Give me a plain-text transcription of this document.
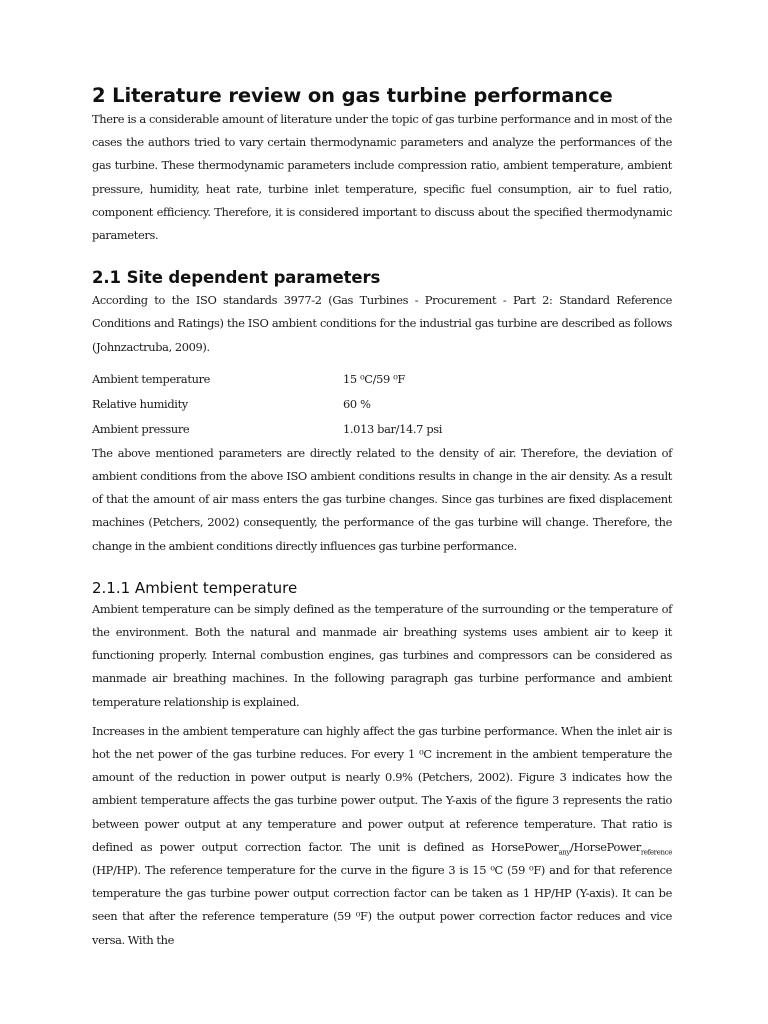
2 Literature review on gas turbine performance

There is a considerable amount of literature under the topic of gas turbine performance and in most of the cases the authors tried to vary certain thermodynamic parameters and analyze the performances of the gas turbine. These thermodynamic parameters include compression ratio, ambient temperature, ambient pressure, humidity, heat rate, turbine inlet temperature, specific fuel consumption, air to fuel ratio, component efficiency. Therefore, it is considered important to discuss about the specified thermodynamic parameters.

2.1 Site dependent parameters

According to the ISO standards 3977-2 (Gas Turbines - Procurement - Part 2: Standard Reference Conditions and Ratings) the ISO ambient conditions for the industrial gas turbine are described as follows (Johnzactruba, 2009).

Ambient temperature	15 ⁰C/59 ⁰F
Relative humidity	60 %
Ambient pressure	1.013 bar/14.7 psi

The above mentioned parameters are directly related to the density of air. Therefore, the deviation of ambient conditions from the above ISO ambient conditions results in change in the air density. As a result of that the amount of air mass enters the gas turbine changes. Since gas turbines are fixed displacement machines (Petchers, 2002) consequently, the performance of the gas turbine will change. Therefore, the change in the ambient conditions directly influences gas turbine performance.

2.1.1 Ambient temperature

Ambient temperature can be simply defined as the temperature of the surrounding or the temperature of the environment. Both the natural and manmade air breathing systems uses ambient air to keep it functioning properly. Internal combustion engines, gas turbines and compressors can be considered as manmade air breathing machines. In the following paragraph gas turbine performance and ambient temperature relationship is explained.

Increases in the ambient temperature can highly affect the gas turbine performance. When the inlet air is hot the net power of the gas turbine reduces. For every 1 ⁰C increment in the ambient temperature the amount of the reduction in power output is nearly 0.9% (Petchers, 2002). Figure 3 indicates how the ambient temperature affects the gas turbine power output. The Y-axis of the figure 3 represents the ratio between power output at any temperature and power output at reference temperature. That ratio is defined as power output correction factor. The unit is defined as HorsePower$_{any}$/HorsePower$_{reference}$ (HP/HP). The reference temperature for the curve in the figure 3 is 15 ⁰C (59 ⁰F) and for that reference temperature the gas turbine power output correction factor can be taken as 1 HP/HP (Y-axis). It can be seen that after the reference temperature (59 ⁰F) the output power correction factor reduces and vice versa. With the
